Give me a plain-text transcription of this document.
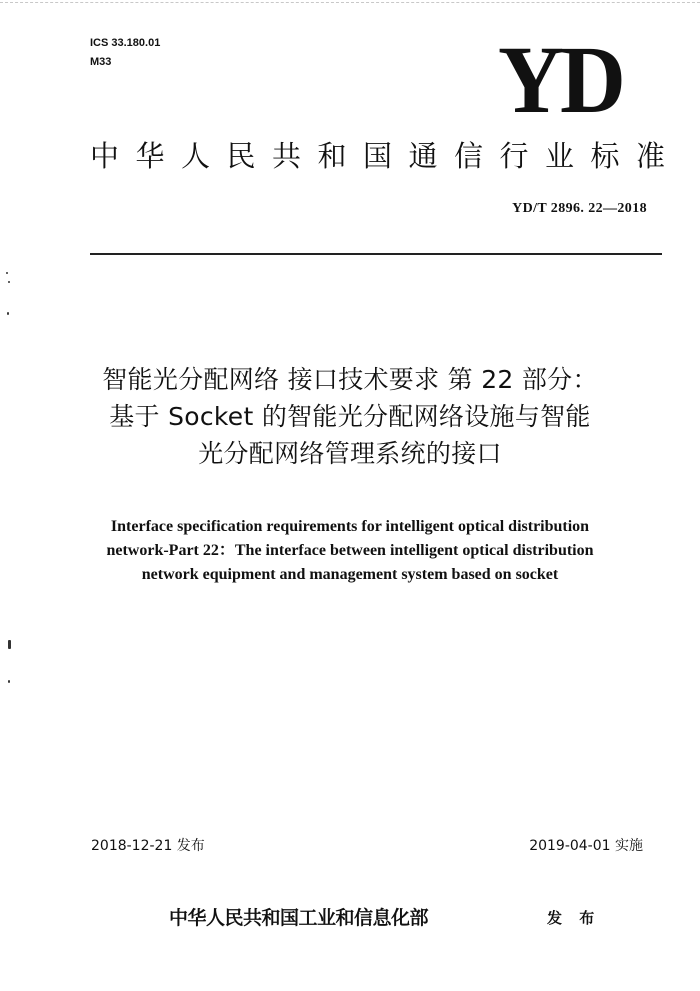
ICS 33.180.01
M33	YD
中华人民共和国通信行业标准
YD/T 2896. 22—2018
智能光分配网络 接口技术要求 第 22 部分：
基于 Socket 的智能光分配网络设施与智能
光分配网络管理系统的接口
Interface specification requirements for intelligent optical distribution
network-Part 22：The interface between intelligent optical distribution
network equipment and management system based on socket
2018-12-21 发布	2019-04-01 实施
中华人民共和国工业和信息化部	发 布
